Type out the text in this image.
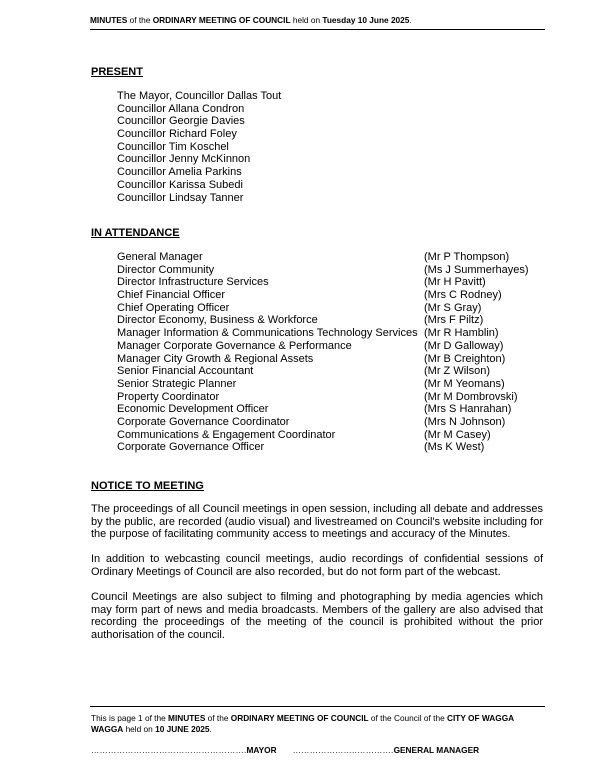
MINUTES of the ORDINARY MEETING OF COUNCIL held on Tuesday 10 June 2025.
PRESENT
The Mayor, Councillor Dallas Tout
Councillor Allana Condron
Councillor Georgie Davies
Councillor Richard Foley
Councillor Tim Koschel
Councillor Jenny McKinnon
Councillor Amelia Parkins
Councillor Karissa Subedi
Councillor Lindsay Tanner
IN ATTENDANCE
General Manager	(Mr P Thompson)
Director Community	(Ms J Summerhayes)
Director Infrastructure Services	(Mr H Pavitt)
Chief Financial Officer	(Mrs C Rodney)
Chief Operating Officer	(Mr S Gray)
Director Economy, Business & Workforce	(Mrs F Piltz)
Manager Information & Communications Technology Services (Mr R Hamblin)
Manager Corporate Governance & Performance	(Mr D Galloway)
Manager City Growth & Regional Assets	(Mr B Creighton)
Senior Financial Accountant	(Mr Z Wilson)
Senior Strategic Planner	(Mr M Yeomans)
Property Coordinator	(Mr M Dombrovski)
Economic Development Officer	(Mrs S Hanrahan)
Corporate Governance Coordinator	(Mrs N Johnson)
Communications & Engagement Coordinator	(Mr M Casey)
Corporate Governance Officer	(Ms K West)
NOTICE TO MEETING

The proceedings of all Council meetings in open session, including all debate and addresses by the public, are recorded (audio visual) and livestreamed on Council's website including for the purpose of facilitating community access to meetings and accuracy of the Minutes.

In addition to webcasting council meetings, audio recordings of confidential sessions of Ordinary Meetings of Council are also recorded, but do not form part of the webcast.

Council Meetings are also subject to filming and photographing by media agencies which may form part of news and media broadcasts. Members of the gallery are also advised that recording the proceedings of the meeting of the council is prohibited without the prior authorisation of the council.

This is page 1 of the MINUTES of the ORDINARY MEETING OF COUNCIL of the Council of the CITY OF WAGGA WAGGA held on 10 JUNE 2025.

……………………………………………….MAYOR …………………..………….GENERAL MANAGER
